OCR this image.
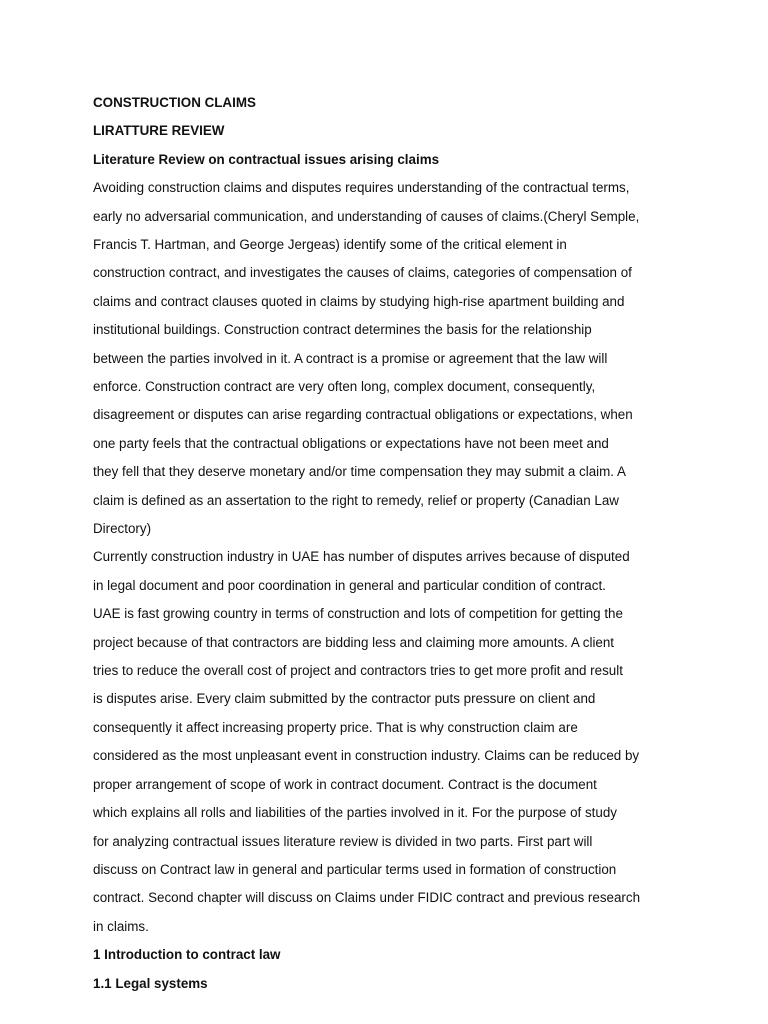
CONSTRUCTION CLAIMS

LIRATTURE REVIEW

Literature Review on contractual issues arising claims

Avoiding construction claims and disputes requires understanding of the contractual terms,

early no adversarial communication, and understanding of causes of claims.(Cheryl Semple,

Francis T. Hartman, and George Jergeas) identify some of the critical element in

construction contract, and investigates the causes of claims, categories of compensation of

claims and contract clauses quoted in claims by studying high-rise apartment building and

institutional buildings. Construction contract determines the basis for the relationship

between the parties involved in it. A contract is a promise or agreement that the law will

enforce. Construction contract are very often long, complex document, consequently,

disagreement or disputes can arise regarding contractual obligations or expectations, when

one party feels that the contractual obligations or expectations have not been meet and

they fell that they deserve monetary and/or time compensation they may submit a claim. A

claim is defined as an assertation to the right to remedy, relief or property (Canadian Law

Directory)

Currently construction industry in UAE has number of disputes arrives because of disputed

in legal document and poor coordination in general and particular condition of contract.

UAE is fast growing country in terms of construction and lots of competition for getting the

project because of that contractors are bidding less and claiming more amounts. A client

tries to reduce the overall cost of project and contractors tries to get more profit and result

is disputes arise. Every claim submitted by the contractor puts pressure on client and

consequently it affect increasing property price. That is why construction claim are

considered as the most unpleasant event in construction industry. Claims can be reduced by

proper arrangement of scope of work in contract document. Contract is the document

which explains all rolls and liabilities of the parties involved in it. For the purpose of study

for analyzing contractual issues literature review is divided in two parts. First part will

discuss on Contract law in general and particular terms used in formation of construction

contract. Second chapter will discuss on Claims under FIDIC contract and previous research

in claims.

1 Introduction to contract law

1.1 Legal systems
